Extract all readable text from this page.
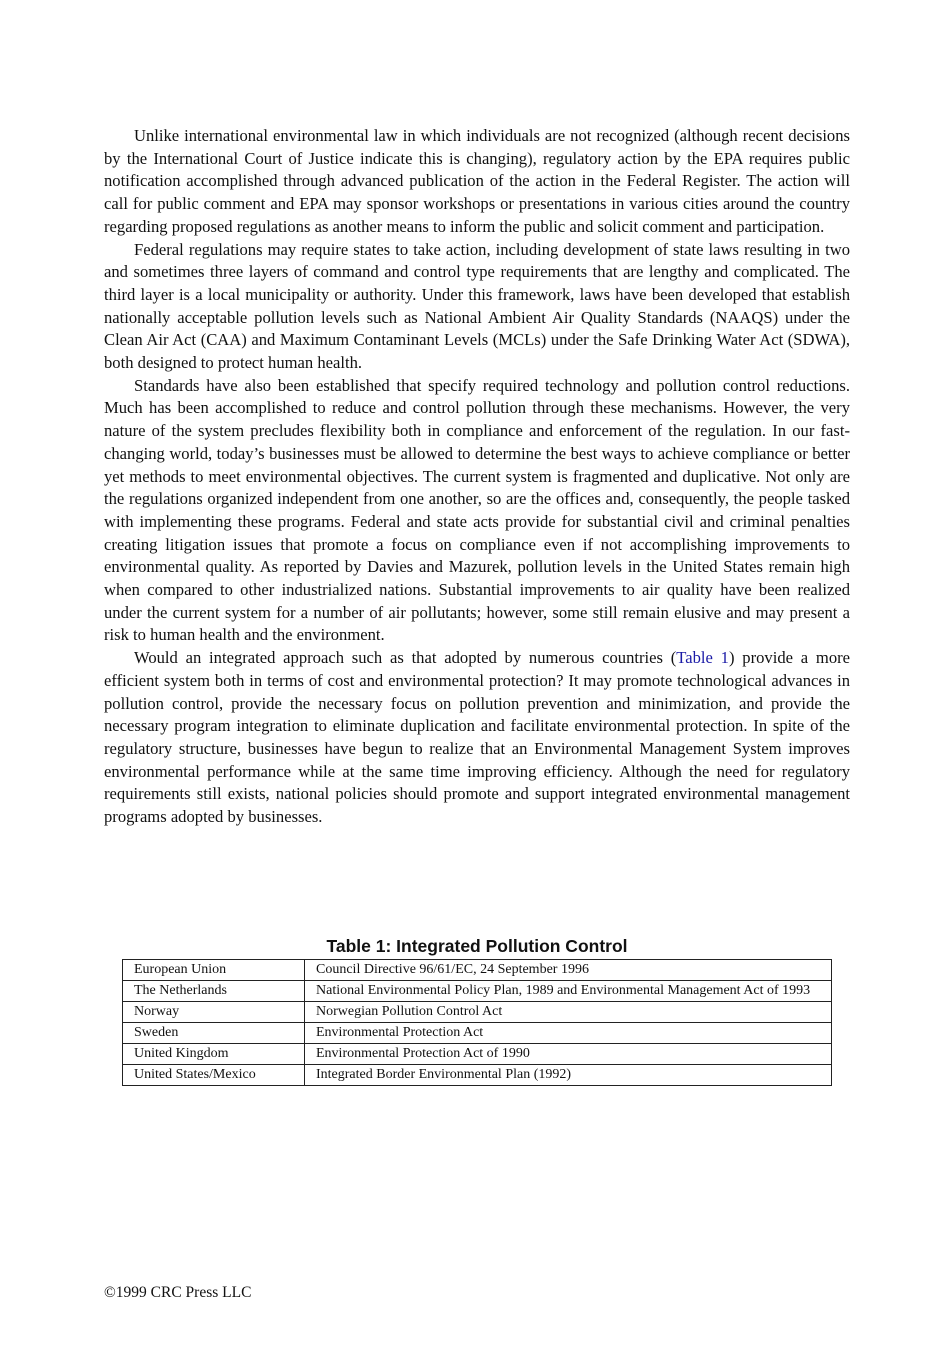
Unlike international environmental law in which individuals are not recognized (although recent decisions by the International Court of Justice indicate this is changing), regulatory action by the EPA requires public notification accomplished through advanced publication of the action in the Federal Register. The action will call for public comment and EPA may sponsor workshops or presentations in various cities around the country regarding proposed regulations as another means to inform the public and solicit comment and participation.

Federal regulations may require states to take action, including development of state laws resulting in two and sometimes three layers of command and control type requirements that are lengthy and complicated. The third layer is a local municipality or authority. Under this framework, laws have been developed that establish nationally acceptable pollution levels such as National Ambient Air Quality Standards (NAAQS) under the Clean Air Act (CAA) and Maximum Contaminant Levels (MCLs) under the Safe Drinking Water Act (SDWA), both designed to protect human health.

Standards have also been established that specify required technology and pollution control reductions. Much has been accomplished to reduce and control pollution through these mechanisms. However, the very nature of the system precludes flexibility both in compliance and enforcement of the regulation. In our fast-changing world, today’s businesses must be allowed to determine the best ways to achieve compliance or better yet methods to meet environmental objectives. The current system is fragmented and duplicative. Not only are the regulations organized independent from one another, so are the offices and, consequently, the people tasked with implementing these programs. Federal and state acts provide for substantial civil and criminal penalties creating litigation issues that promote a focus on compliance even if not accomplishing improvements to environmental quality. As reported by Davies and Mazurek, pollution levels in the United States remain high when compared to other industrialized nations. Substantial improvements to air quality have been realized under the current system for a number of air pollutants; however, some still remain elusive and may present a risk to human health and the environment.

Would an integrated approach such as that adopted by numerous countries (Table 1) provide a more efficient system both in terms of cost and environmental protection? It may promote technological advances in pollution control, provide the necessary focus on pollution prevention and minimization, and provide the necessary program integration to eliminate duplication and facilitate environmental protection. In spite of the regulatory structure, businesses have begun to realize that an Environmental Management System improves environmental performance while at the same time improving efficiency. Although the need for regulatory requirements still exists, national policies should promote and support integrated environmental management programs adopted by businesses.

Table 1: Integrated Pollution Control
European Union	Council Directive 96/61/EC, 24 September 1996
The Netherlands	National Environmental Policy Plan, 1989 and Environmental Management Act of 1993
Norway	Norwegian Pollution Control Act
Sweden	Environmental Protection Act
United Kingdom	Environmental Protection Act of 1990
United States/Mexico	Integrated Border Environmental Plan (1992)
©1999 CRC Press LLC
